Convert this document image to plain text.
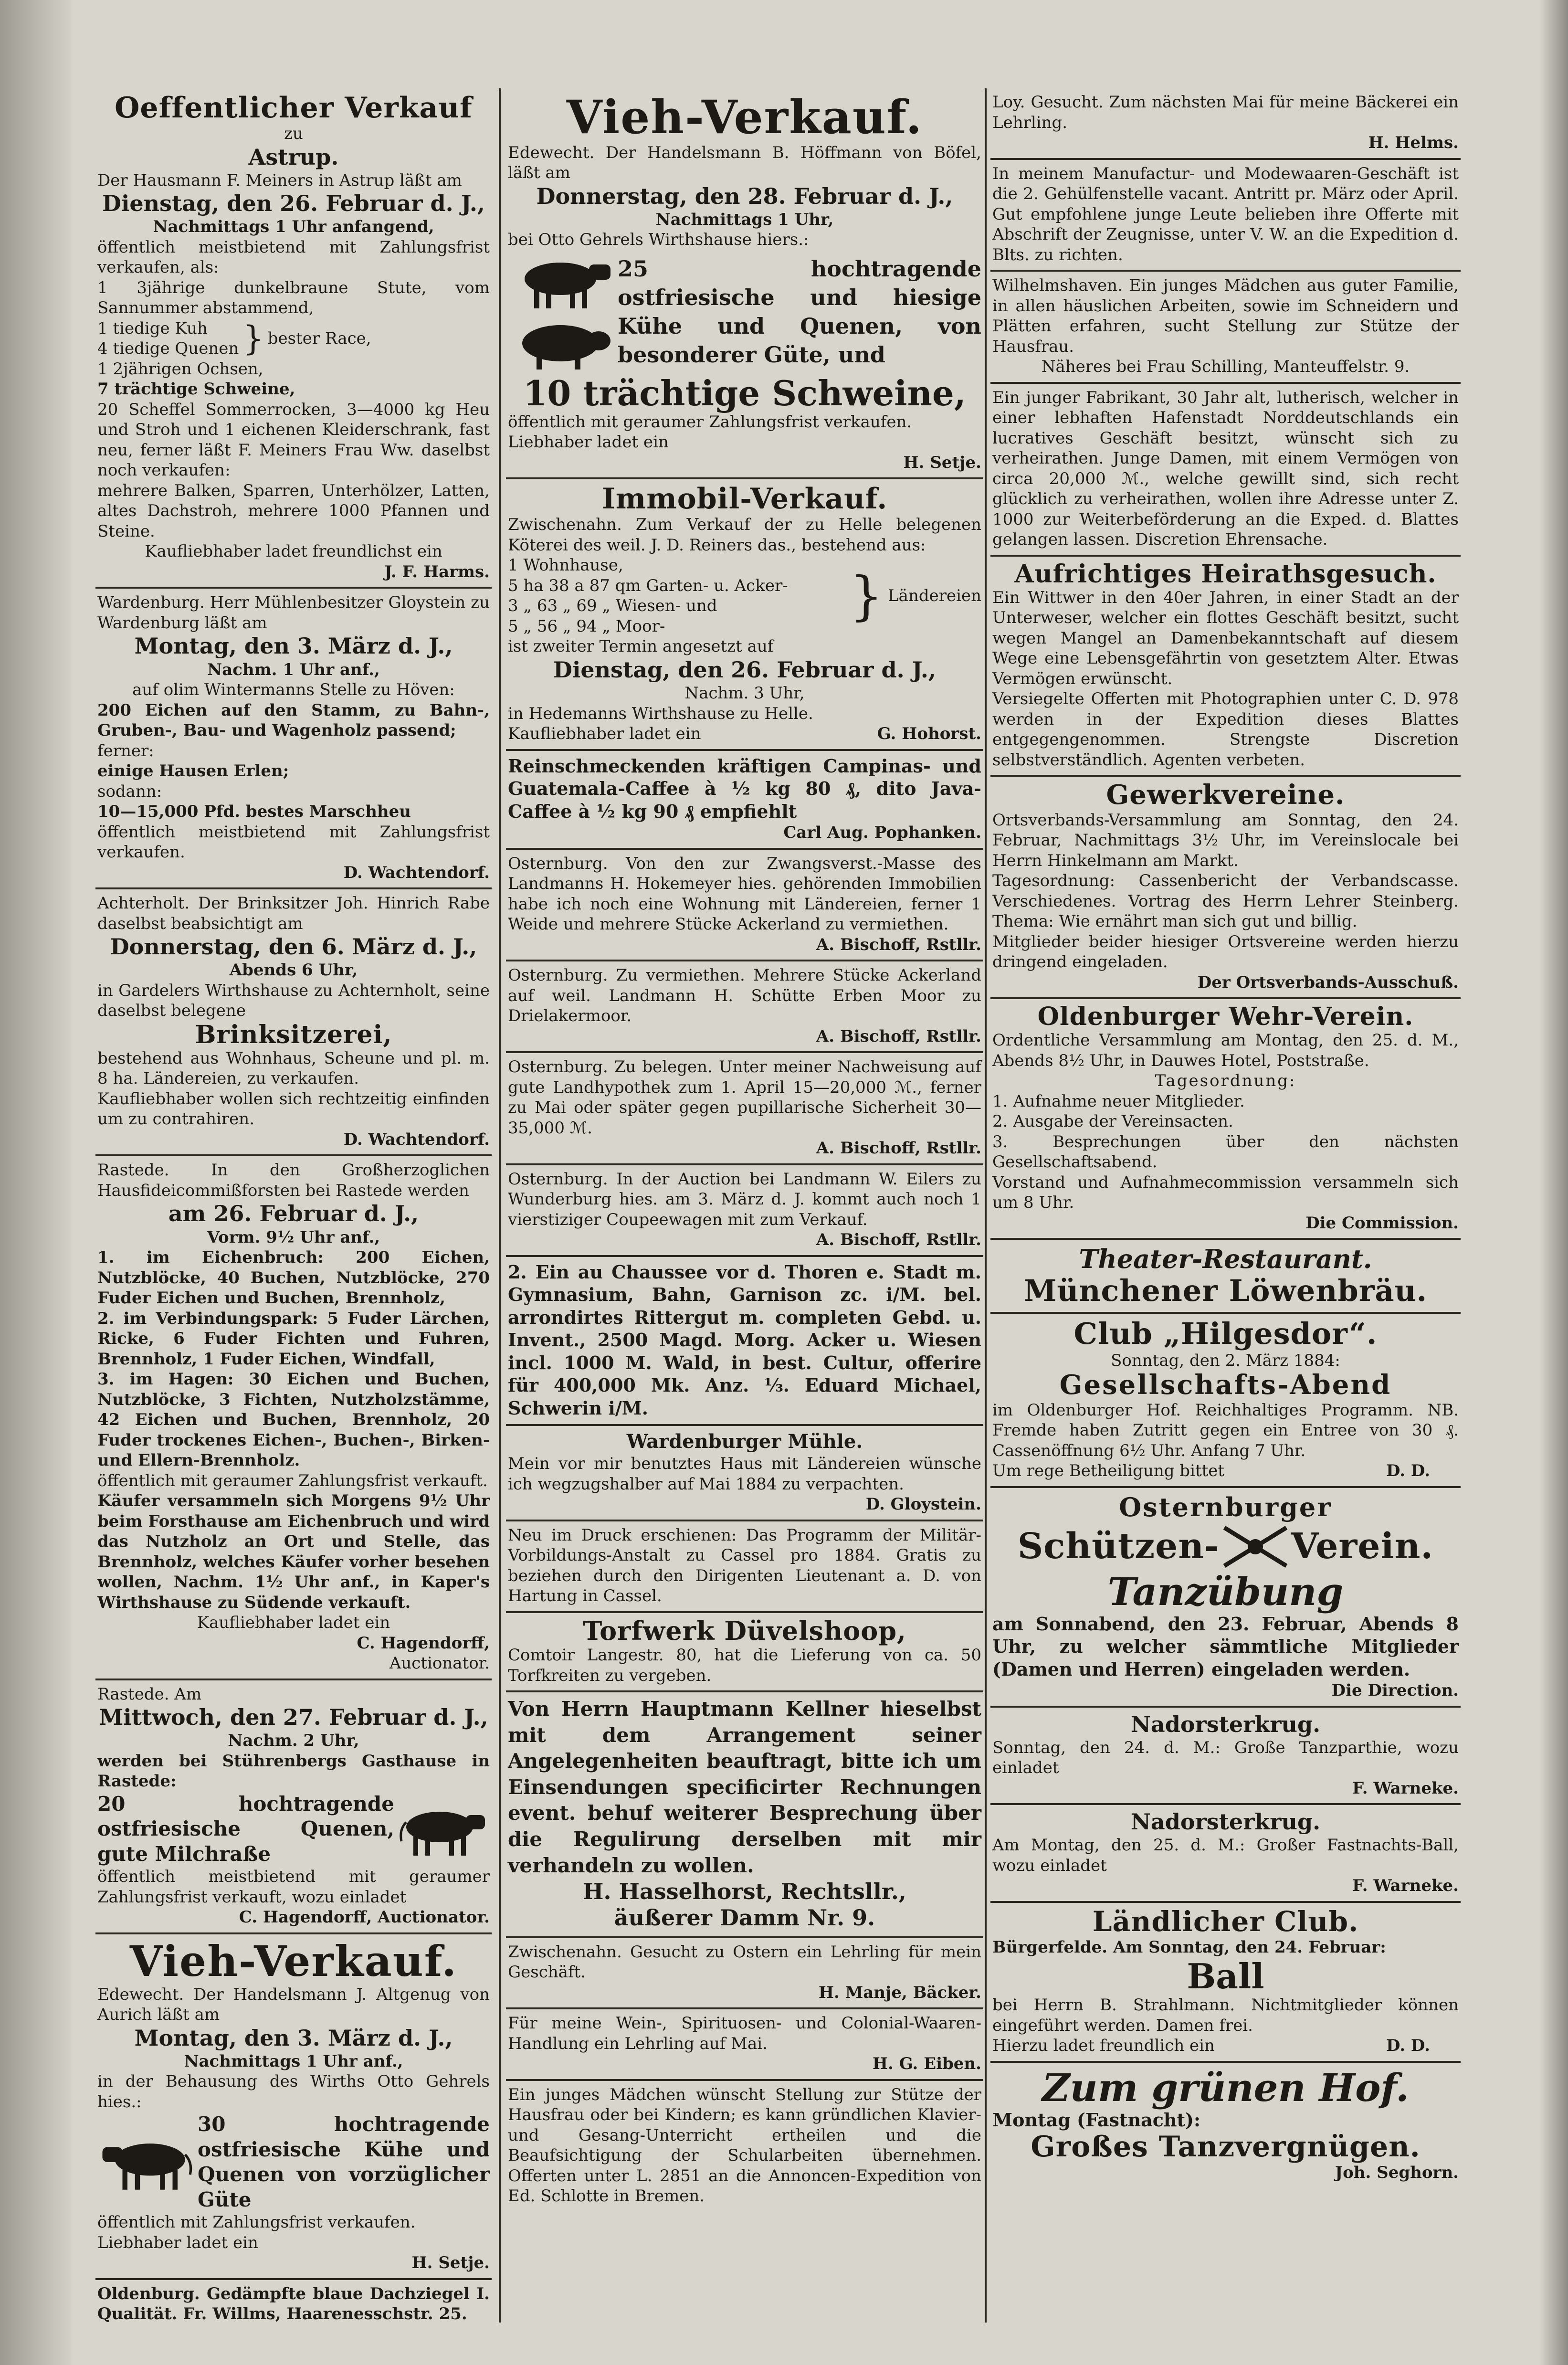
Oeffentlicher Verkauf

zu

Astrup.

Der Hausmann F. Meiners in Astrup läßt am

Dienstag, den 26. Februar d. J.,

Nachmittags 1 Uhr anfangend,

öffentlich meistbietend mit Zahlungsfrist verkaufen, als:

1 3jährige dunkelbraune Stute, vom Sannummer abstammend,

1 tiedige Kuh

4 tiedige Quenen } bester Race,

1 2jährigen Ochsen,

7 trächtige Schweine,

20 Scheffel Sommerrocken, 3—4000 kg Heu und Stroh und 1 eichenen Kleiderschrank, fast neu, ferner läßt F. Meiners Frau Ww. daselbst noch verkaufen:

mehrere Balken, Sparren, Unterhölzer, Latten, altes Dachstroh, mehrere 1000 Pfannen und Steine.

Kaufliebhaber ladet freundlichst ein

J. F. Harms.

Wardenburg. Herr Mühlenbesitzer Gloystein zu Wardenburg läßt am

Montag, den 3. März d. J.,

Nachm. 1 Uhr anf.,

auf olim Wintermanns Stelle zu Höven:

200 Eichen auf den Stamm, zu Bahn-, Gruben-, Bau- und Wagenholz passend;

ferner:

einige Hausen Erlen;

sodann:

10—15,000 Pfd. bestes Marschheu

öffentlich meistbietend mit Zahlungsfrist verkaufen.

D. Wachtendorf.

Achterholt. Der Brinksitzer Joh. Hinrich Rabe daselbst beabsichtigt am

Donnerstag, den 6. März d. J.,

Abends 6 Uhr,

in Gardelers Wirthshause zu Achternholt, seine daselbst belegene

Brinksitzerei,

bestehend aus Wohnhaus, Scheune und pl. m. 8 ha. Ländereien, zu verkaufen.

Kaufliebhaber wollen sich rechtzeitig einfinden um zu contrahiren.

D. Wachtendorf.

Rastede. In den Großherzoglichen Hausfideicommißforsten bei Rastede werden

am 26. Februar d. J.,

Vorm. 9½ Uhr anf.,

1. im Eichenbruch: 200 Eichen, Nutzblöcke, 40 Buchen, Nutzblöcke, 270 Fuder Eichen und Buchen, Brennholz,

2. im Verbindungspark: 5 Fuder Lärchen, Ricke, 6 Fuder Fichten und Fuhren, Brennholz, 1 Fuder Eichen, Windfall,

3. im Hagen: 30 Eichen und Buchen, Nutzblöcke, 3 Fichten, Nutzholzstämme, 42 Eichen und Buchen, Brennholz, 20 Fuder trockenes Eichen-, Buchen-, Birken- und Ellern-Brennholz.

öffentlich mit geraumer Zahlungsfrist verkauft.

Käufer versammeln sich Morgens 9½ Uhr beim Forsthause am Eichenbruch und wird das Nutzholz an Ort und Stelle, das Brennholz, welches Käufer vorher besehen wollen, Nachm. 1½ Uhr anf., in Kaper's Wirthshause zu Südende verkauft.

Kaufliebhaber ladet ein

C. Hagendorff,

Auctionator.

Rastede. Am

Mittwoch, den 27. Februar d. J.,

Nachm. 2 Uhr,

werden bei Stührenbergs Gasthause in Rastede:

20 hochtragende ostfriesische Quenen, gute Milchraße

öffentlich meistbietend mit geraumer Zahlungsfrist verkauft, wozu einladet

C. Hagendorff, Auctionator.

Vieh-Verkauf.

Edewecht. Der Handelsmann J. Altgenug von Aurich läßt am

Montag, den 3. März d. J.,

Nachmittags 1 Uhr anf.,

in der Behausung des Wirths Otto Gehrels hies.:

30 hochtragende ostfriesische Kühe und Quenen von vorzüglicher Güte

öffentlich mit Zahlungsfrist verkaufen.

Liebhaber ladet ein

H. Setje.

Oldenburg. Gedämpfte blaue Dachziegel I. Qualität. Fr. Willms, Haarenesschstr. 25.

Vieh-Verkauf.

Edewecht. Der Handelsmann B. Höffmann von Böfel, läßt am

Donnerstag, den 28. Februar d. J.,

Nachmittags 1 Uhr,

bei Otto Gehrels Wirthshause hiers.:

25 hochtragende ostfriesische und hiesige Kühe und Quenen, von besonderer Güte, und

10 trächtige Schweine,

öffentlich mit geraumer Zahlungsfrist verkaufen.

Liebhaber ladet ein

H. Setje.

Immobil-Verkauf.

Zwischenahn. Zum Verkauf der zu Helle belegenen Köterei des weil. J. D. Reiners das., bestehend aus:

1 Wohnhause,

5 ha 38 a 87 qm Garten- u. Acker-

3 „ 63 „ 69 „ Wiesen- und

5 „ 56 „ 94 „ Moor-	} Ländereien

ist zweiter Termin angesetzt auf

Dienstag, den 26. Februar d. J.,

Nachm. 3 Uhr,

in Hedemanns Wirthshause zu Helle.

Kaufliebhaber ladet ein	G. Hohorst.

Reinschmeckenden kräftigen Campinas- und Guatemala-Caffee à ½ kg 80 ₰, dito Java-Caffee à ½ kg 90 ₰ empfiehlt

Carl Aug. Pophanken.

Osternburg. Von den zur Zwangsverst.-Masse des Landmanns H. Hokemeyer hies. gehörenden Immobilien habe ich noch eine Wohnung mit Ländereien, ferner 1 Weide und mehrere Stücke Ackerland zu vermiethen.

A. Bischoff, Rstllr.

Osternburg. Zu vermiethen. Mehrere Stücke Ackerland auf weil. Landmann H. Schütte Erben Moor zu Drielakermoor.

A. Bischoff, Rstllr.

Osternburg. Zu belegen. Unter meiner Nachweisung auf gute Landhypothek zum 1. April 15—20,000 ℳ., ferner zu Mai oder später gegen pupillarische Sicherheit 30—35,000 ℳ.

A. Bischoff, Rstllr.

Osternburg. In der Auction bei Landmann W. Eilers zu Wunderburg hies. am 3. März d. J. kommt auch noch 1 vierstiziger Coupeewagen mit zum Verkauf.

A. Bischoff, Rstllr.

2. Ein au Chaussee vor d. Thoren e. Stadt m. Gymnasium, Bahn, Garnison zc. i/M. bel. arrondirtes Rittergut m. completen Gebd. u. Invent., 2500 Magd. Morg. Acker u. Wiesen incl. 1000 M. Wald, in best. Cultur, offerire für 400,000 Mk. Anz. ⅓. Eduard Michael, Schwerin i/M.

Wardenburger Mühle.

Mein vor mir benutztes Haus mit Ländereien wünsche ich wegzugshalber auf Mai 1884 zu verpachten.

D. Gloystein.

Neu im Druck erschienen: Das Programm der Militär-Vorbildungs-Anstalt zu Cassel pro 1884. Gratis zu beziehen durch den Dirigenten Lieutenant a. D. von Hartung in Cassel.

Torfwerk Düvelshoop,

Comtoir Langestr. 80, hat die Lieferung von ca. 50 Torfkreiten zu vergeben.

Von Herrn Hauptmann Kellner hieselbst mit dem Arrangement seiner Angelegenheiten beauftragt, bitte ich um Einsendungen specificirter Rechnungen event. behuf weiterer Besprechung über die Regulirung derselben mit mir verhandeln zu wollen.

H. Hasselhorst, Rechtsllr.,

äußerer Damm Nr. 9.

Zwischenahn. Gesucht zu Ostern ein Lehrling für mein Geschäft.

H. Manje, Bäcker.

Für meine Wein-, Spirituosen- und Colonial-Waaren-Handlung ein Lehrling auf Mai.

H. G. Eiben.

Ein junges Mädchen wünscht Stellung zur Stütze der Hausfrau oder bei Kindern; es kann gründlichen Klavier- und Gesang-Unterricht ertheilen und die Beaufsichtigung der Schularbeiten übernehmen. Offerten unter L. 2851 an die Annoncen-Expedition von Ed. Schlotte in Bremen.

Loy. Gesucht. Zum nächsten Mai für meine Bäckerei ein Lehrling.

H. Helms.

In meinem Manufactur- und Modewaaren-Geschäft ist die 2. Gehülfenstelle vacant. Antritt pr. März oder April. Gut empfohlene junge Leute belieben ihre Offerte mit Abschrift der Zeugnisse, unter V. W. an die Expedition d. Blts. zu richten.

Wilhelmshaven. Ein junges Mädchen aus guter Familie, in allen häuslichen Arbeiten, sowie im Schneidern und Plätten erfahren, sucht Stellung zur Stütze der Hausfrau.

Näheres bei Frau Schilling, Manteuffelstr. 9.

Ein junger Fabrikant, 30 Jahr alt, lutherisch, welcher in einer lebhaften Hafenstadt Norddeutschlands ein lucratives Geschäft besitzt, wünscht sich zu verheirathen. Junge Damen, mit einem Vermögen von circa 20,000 ℳ., welche gewillt sind, sich recht glücklich zu verheirathen, wollen ihre Adresse unter Z. 1000 zur Weiterbeförderung an die Exped. d. Blattes gelangen lassen. Discretion Ehrensache.

Aufrichtiges Heirathsgesuch.

Ein Wittwer in den 40er Jahren, in einer Stadt an der Unterweser, welcher ein flottes Geschäft besitzt, sucht wegen Mangel an Damenbekanntschaft auf diesem Wege eine Lebensgefährtin von gesetztem Alter. Etwas Vermögen erwünscht.

Versiegelte Offerten mit Photographien unter C. D. 978 werden in der Expedition dieses Blattes entgegengenommen. Strengste Discretion selbstverständlich. Agenten verbeten.

Gewerkvereine.

Ortsverbands-Versammlung am Sonntag, den 24. Februar, Nachmittags 3½ Uhr, im Vereinslocale bei Herrn Hinkelmann am Markt.

Tagesordnung: Cassenbericht der Verbandscasse. Verschiedenes. Vortrag des Herrn Lehrer Steinberg. Thema: Wie ernährt man sich gut und billig.

Mitglieder beider hiesiger Ortsvereine werden hierzu dringend eingeladen.

Der Ortsverbands-Ausschuß.

Oldenburger Wehr-Verein.

Ordentliche Versammlung am Montag, den 25. d. M., Abends 8½ Uhr, in Dauwes Hotel, Poststraße.

Tagesordnung:

1. Aufnahme neuer Mitglieder.

2. Ausgabe der Vereinsacten.

3. Besprechungen über den nächsten Gesellschaftsabend.

Vorstand und Aufnahmecommission versammeln sich um 8 Uhr.

Die Commission.

Theater-Restaurant.

Münchener Löwenbräu.

Club „Hilgesdor“.

Sonntag, den 2. März 1884:

Gesellschafts-Abend

im Oldenburger Hof. Reichhaltiges Programm. NB. Fremde haben Zutritt gegen ein Entree von 30 ₰. Cassenöffnung 6½ Uhr. Anfang 7 Uhr.

Um rege Betheiligung bittet	D. D.

Osternburger

Schützen- Verein.

Tanzübung

am Sonnabend, den 23. Februar, Abends 8 Uhr, zu welcher sämmtliche Mitglieder (Damen und Herren) eingeladen werden.

Die Direction.

Nadorsterkrug.

Sonntag, den 24. d. M.: Große Tanzparthie, wozu einladet

F. Warneke.

Nadorsterkrug.

Am Montag, den 25. d. M.: Großer Fastnachts-Ball, wozu einladet

F. Warneke.

Ländlicher Club.

Bürgerfelde. Am Sonntag, den 24. Februar:

Ball

bei Herrn B. Strahlmann. Nichtmitglieder können eingeführt werden. Damen frei.

Hierzu ladet freundlich ein	D. D.

Zum grünen Hof.

Montag (Fastnacht):

Großes Tanzvergnügen.

Joh. Seghorn.
